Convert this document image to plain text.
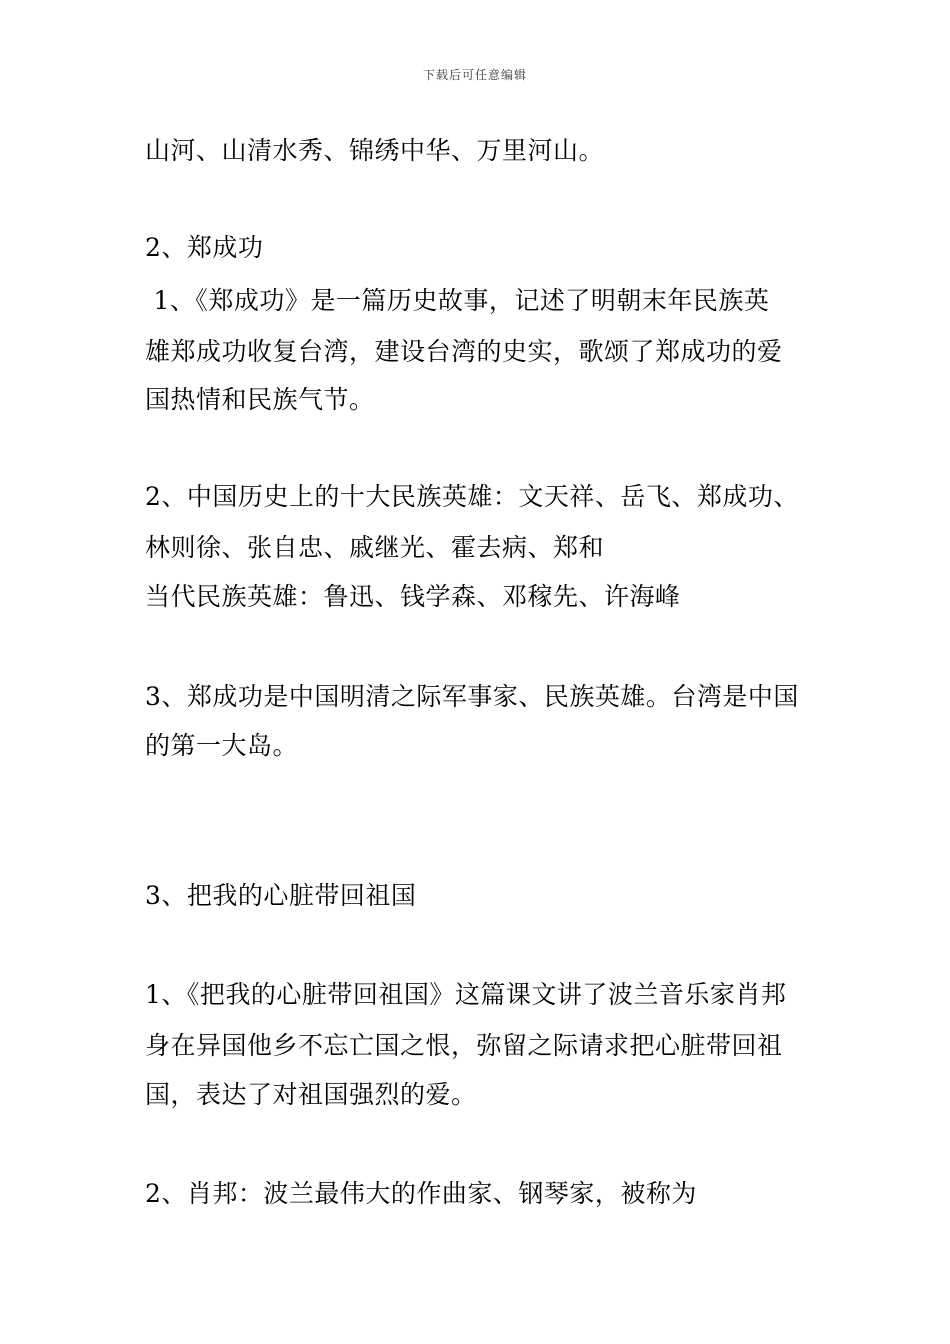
下载后可任意编辑
山河、山清水秀、锦绣中华、万里河山。
2、郑成功
1、《郑成功》是一篇历史故事，记述了明朝末年民族英
雄郑成功收复台湾，建设台湾的史实，歌颂了郑成功的爱
国热情和民族气节。
2、中国历史上的十大民族英雄：文天祥、岳飞、郑成功、
林则徐、张自忠、戚继光、霍去病、郑和
当代民族英雄：鲁迅、钱学森、邓稼先、许海峰
3、郑成功是中国明清之际军事家、民族英雄。台湾是中国
的第一大岛。
3、把我的心脏带回祖国
1、《把我的心脏带回祖国》这篇课文讲了波兰音乐家肖邦
身在异国他乡不忘亡国之恨，弥留之际请求把心脏带回祖
国，表达了对祖国强烈的爱。
2、肖邦：波兰最伟大的作曲家、钢琴家，被称为
